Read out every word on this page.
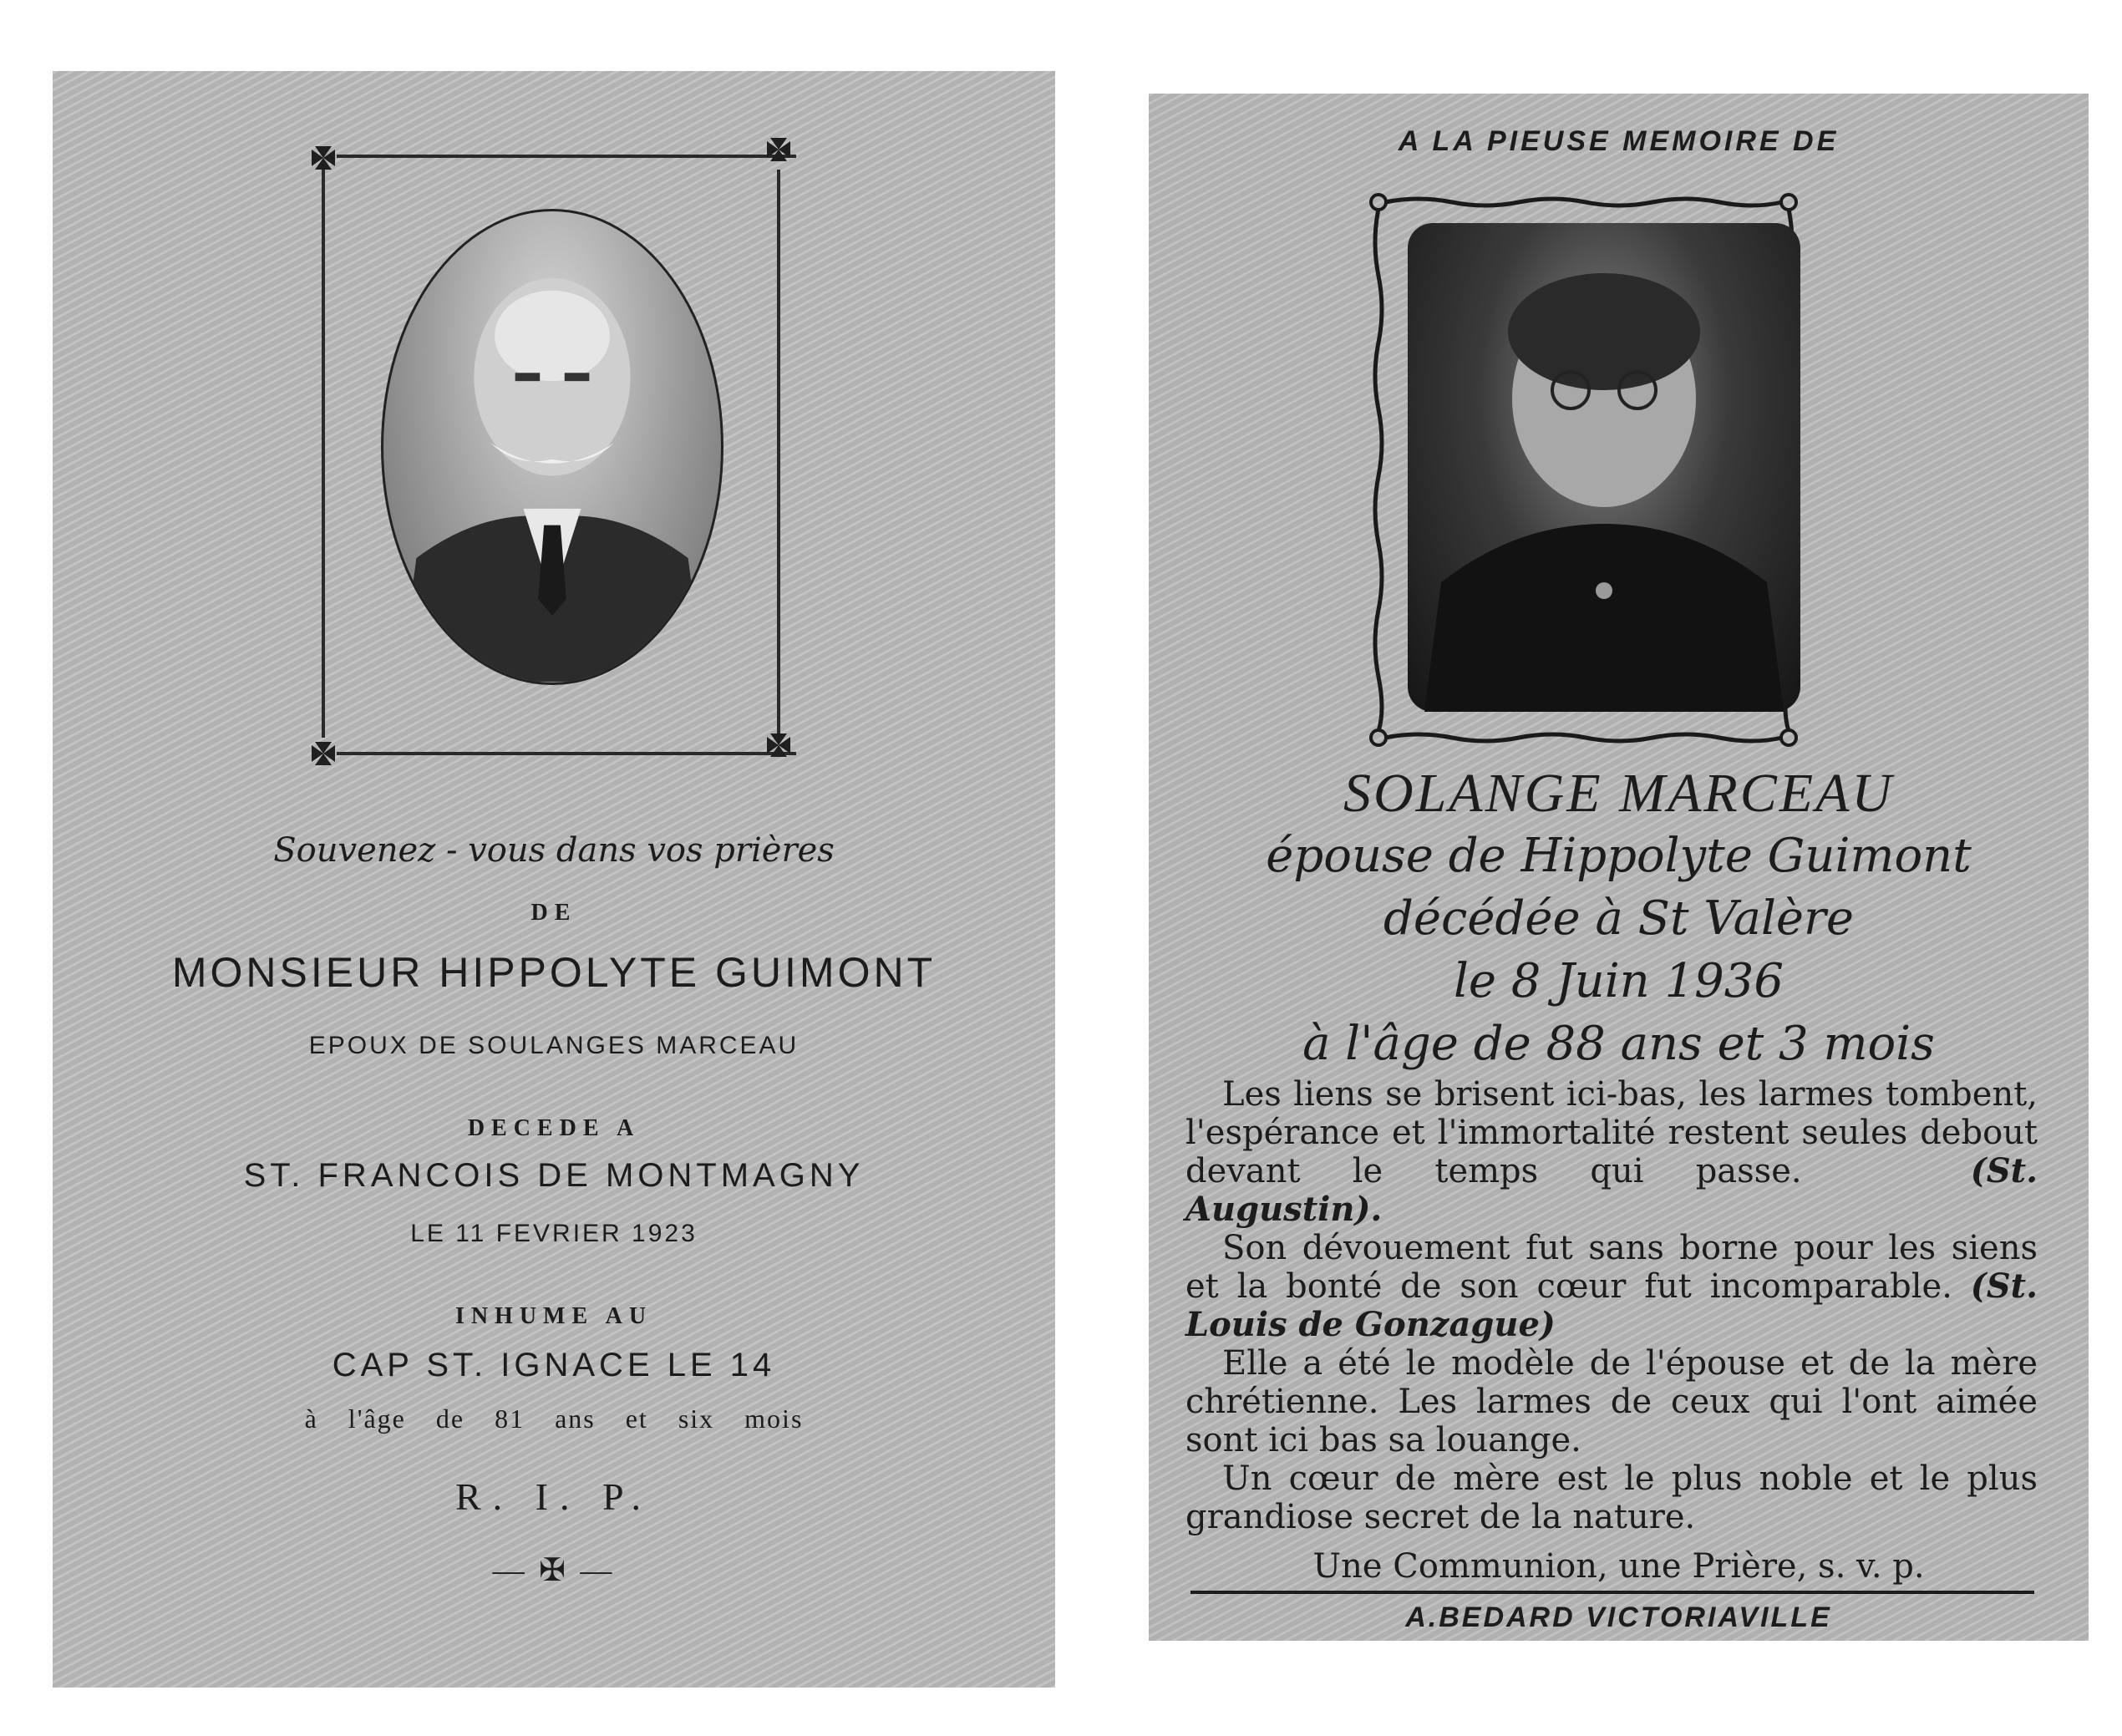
Souvenez - vous dans vos prières
DE
MONSIEUR HIPPOLYTE GUIMONT
EPOUX DE SOULANGES MARCEAU
DECEDE A
ST. FRANCOIS DE MONTMAGNY
LE 11 FEVRIER 1923
INHUME AU
CAP ST. IGNACE LE 14
à l'âge de 81 ans et six mois
R. I. P.
— ✠ —
A LA PIEUSE MEMOIRE DE
SOLANGE MARCEAU
épouse de Hippolyte Guimont
décédée à St Valère
le 8 Juin 1936
à l'âge de 88 ans et 3 mois

Les liens se brisent ici-bas, les larmes tombent, l'espérance et l'immortalité restent seules debout devant le temps qui passe.	(St. Augustin).

Son dévouement fut sans borne pour les siens et la bonté de son cœur fut incomparable. (St. Louis de Gonzague)

Elle a été le modèle de l'épouse et de la mère chrétienne. Les larmes de ceux qui l'ont aimée sont ici bas sa louange.

Un cœur de mère est le plus noble et le plus grandiose secret de la nature.

Une Communion, une Prière, s. v. p.
A.BEDARD VICTORIAVILLE
